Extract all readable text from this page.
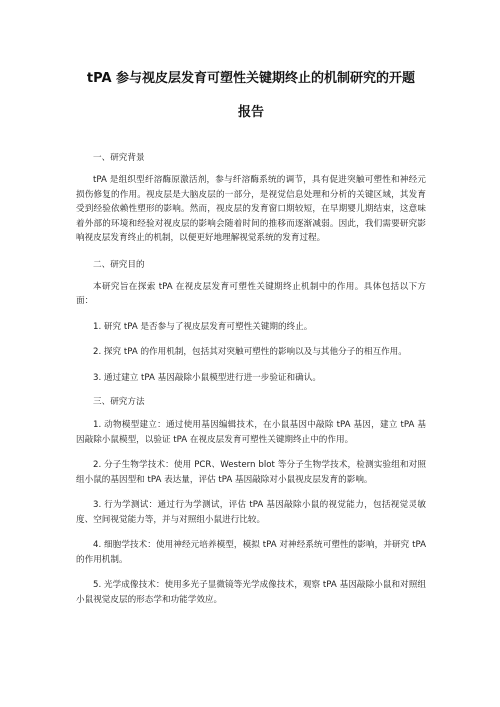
tPA 参与视皮层发育可塑性关键期终止的机制研究的开题
报告

一、研究背景

tPA 是组织型纤溶酶原激活剂，参与纤溶酶系统的调节，具有促进突触可塑性和神经元损伤修复的作用。视皮层是大脑皮层的一部分，是视觉信息处理和分析的关键区域，其发育受到经验依赖性塑形的影响。然而，视皮层的发育窗口期较短，在早期婴儿期结束，这意味着外部的环境和经验对视皮层的影响会随着时间的推移而逐渐减弱。因此，我们需要研究影响视皮层发育终止的机制，以便更好地理解视觉系统的发育过程。

二、研究目的

本研究旨在探索 tPA 在视皮层发育可塑性关键期终止机制中的作用。具体包括以下方面：

1. 研究 tPA 是否参与了视皮层发育可塑性关键期的终止。

2. 探究 tPA 的作用机制，包括其对突触可塑性的影响以及与其他分子的相互作用。

3. 通过建立 tPA 基因敲除小鼠模型进行进一步验证和确认。

三、研究方法

1. 动物模型建立：通过使用基因编辑技术，在小鼠基因中敲除 tPA 基因，建立 tPA 基因敲除小鼠模型，以验证 tPA 在视皮层发育可塑性关键期终止中的作用。

2. 分子生物学技术：使用 PCR、Western blot 等分子生物学技术，检测实验组和对照组小鼠的基因型和 tPA 表达量，评估 tPA 基因敲除对小鼠视皮层发育的影响。

3. 行为学测试：通过行为学测试，评估 tPA 基因敲除小鼠的视觉能力，包括视觉灵敏度、空间视觉能力等，并与对照组小鼠进行比较。

4. 细胞学技术：使用神经元培养模型，模拟 tPA 对神经系统可塑性的影响，并研究 tPA 的作用机制。

5. 光学成像技术：使用多光子显微镜等光学成像技术，观察 tPA 基因敲除小鼠和对照组小鼠视觉皮层的形态学和功能学效应。
